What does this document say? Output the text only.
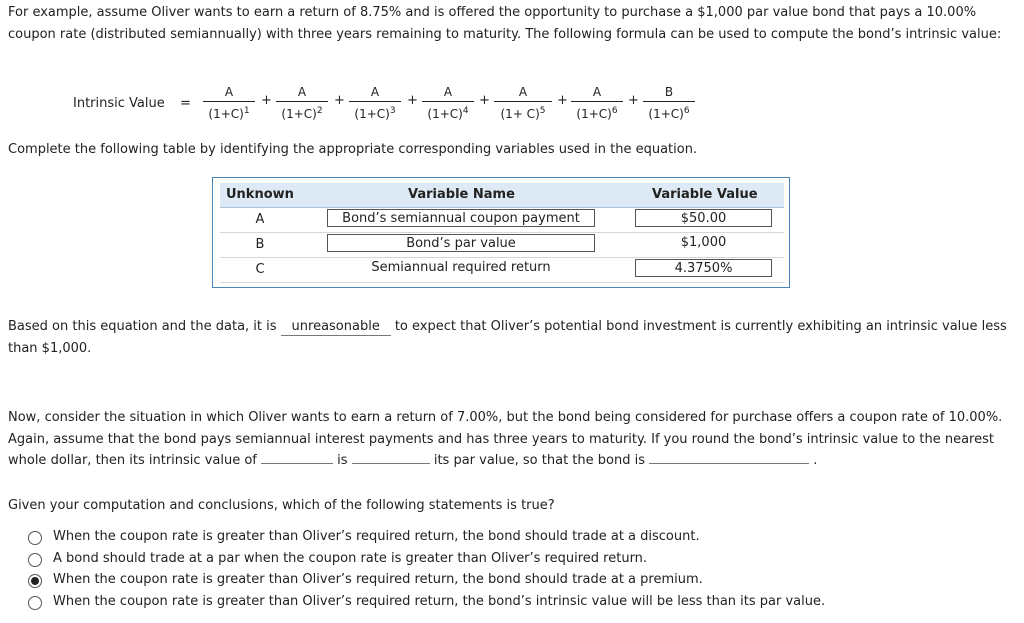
For example, assume Oliver wants to earn a return of 8.75% and is offered the opportunity to purchase a $1,000 par value bond that pays a 10.00% coupon rate (distributed semiannually) with three years remaining to maturity. The following formula can be used to compute the bond’s intrinsic value:

Intrinsic Value =
A
$(1+C)^1$
+
A
$(1+C)^2$
+
A
$(1+C)^3$
+
A
$(1+C)^4$
+
A
$(1+ C)^5$
+
A
$(1+C)^6$
+
B
$(1+C)^6$

Complete the following table by identifying the appropriate corresponding variables used in the equation.

Unknown	Variable Name	Variable Value
A	Bond’s semiannual coupon payment	$50.00
B	Bond’s par value	$1,000
C	Semiannual required return	4.3750%

Based on this equation and the data, it is unreasonable to expect that Oliver’s potential bond investment is currently exhibiting an intrinsic value less than $1,000.

Now, consider the situation in which Oliver wants to earn a return of 7.00%, but the bond being considered for purchase offers a coupon rate of 10.00%. Again, assume that the bond pays semiannual interest payments and has three years to maturity. If you round the bond’s intrinsic value to the nearest whole dollar, then its intrinsic value of	is	its par value, so that the bond is	.

Given your computation and conclusions, which of the following statements is true?

When the coupon rate is greater than Oliver’s required return, the bond should trade at a discount.
A bond should trade at a par when the coupon rate is greater than Oliver’s required return.
When the coupon rate is greater than Oliver’s required return, the bond should trade at a premium.
When the coupon rate is greater than Oliver’s required return, the bond’s intrinsic value will be less than its par value.
